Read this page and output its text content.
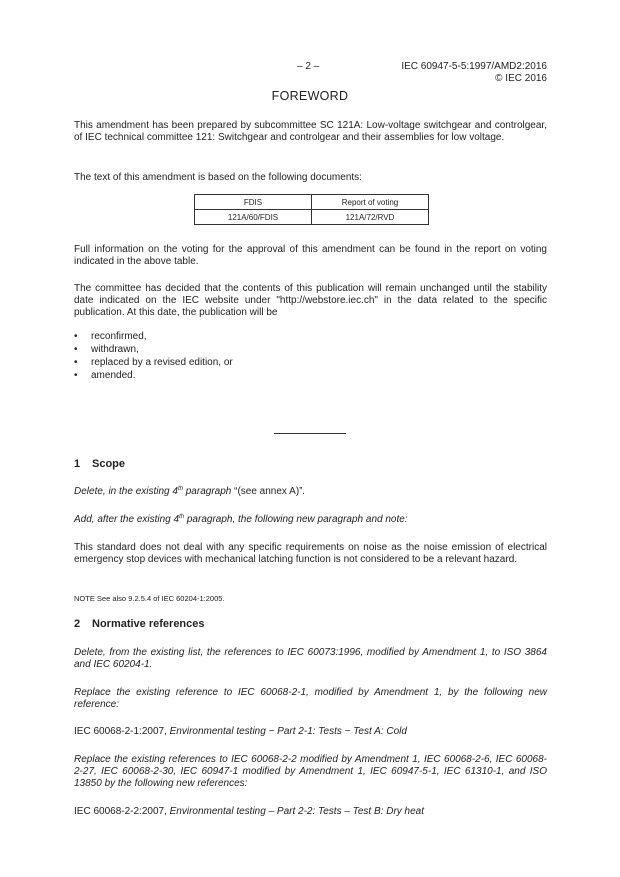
– 2 –	IEC 60947-5-5:1997/AMD2:2016
© IEC 2016
FOREWORD
This amendment has been prepared by subcommittee SC 121A: Low-voltage switchgear and controlgear, of IEC technical committee 121: Switchgear and controlgear and their assemblies for low voltage.
The text of this amendment is based on the following documents:
FDIS	Report of voting
121A/60/FDIS	121A/72/RVD
Full information on the voting for the approval of this amendment can be found in the report on voting indicated in the above table.
The committee has decided that the contents of this publication will remain unchanged until the stability date indicated on the IEC website under "http://webstore.iec.ch" in the data related to the specific publication. At this date, the publication will be
• reconfirmed,
• withdrawn,
• replaced by a revised edition, or
• amended.
1 Scope
Delete, in the existing 4th paragraph “(see annex A)”.
Add, after the existing 4th paragraph, the following new paragraph and note:
This standard does not deal with any specific requirements on noise as the noise emission of electrical emergency stop devices with mechanical latching function is not considered to be a relevant hazard.
NOTE See also 9.2.5.4 of IEC 60204-1:2005.
2 Normative references
Delete, from the existing list, the references to IEC 60073:1996, modified by Amendment 1, to ISO 3864 and IEC 60204-1.
Replace the existing reference to IEC 60068-2-1, modified by Amendment 1, by the following new reference:
IEC 60068-2-1:2007, Environmental testing − Part 2-1: Tests − Test A: Cold
Replace the existing references to IEC 60068-2-2 modified by Amendment 1, IEC 60068-2-6, IEC 60068-2-27, IEC 60068-2-30, IEC 60947-1 modified by Amendment 1, IEC 60947-5-1, IEC 61310-1, and ISO 13850 by the following new references:
IEC 60068-2-2:2007, Environmental testing – Part 2-2: Tests – Test B: Dry heat
